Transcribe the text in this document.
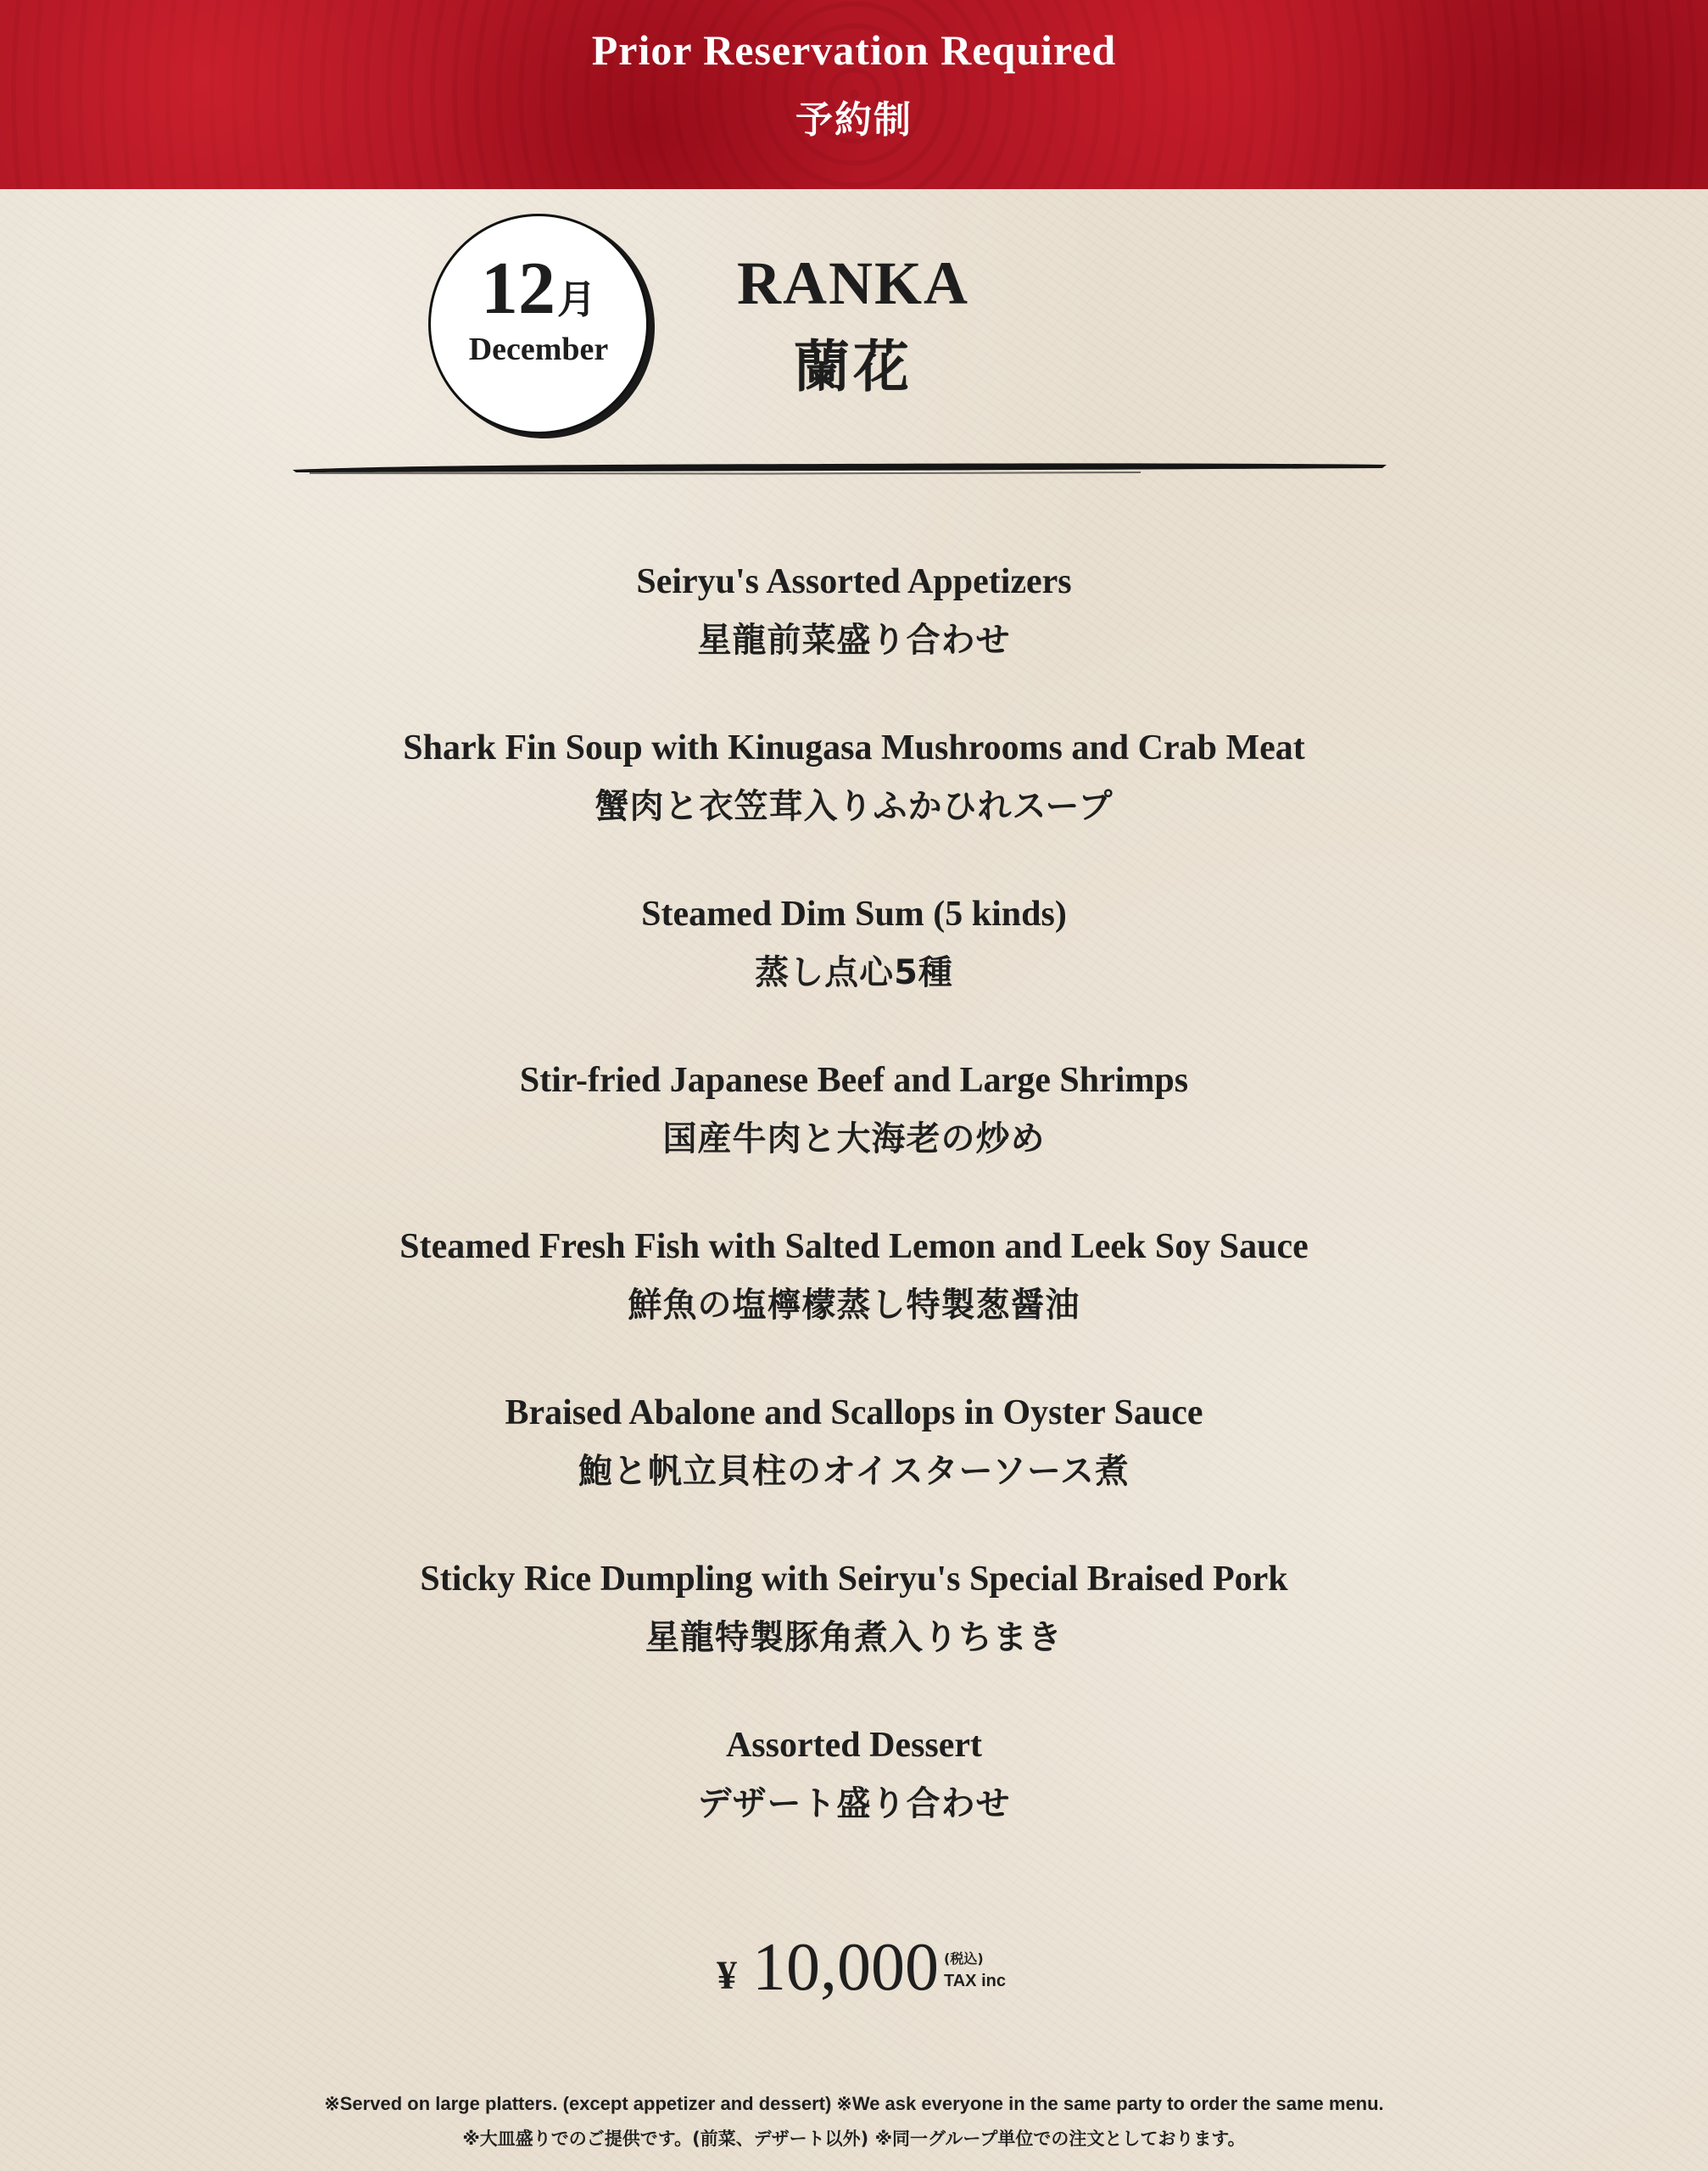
Prior Reservation Required
予約制
12月
December
RANKA
蘭花
Seiryu's Assorted Appetizers
星龍前菜盛り合わせ
Shark Fin Soup with Kinugasa Mushrooms and Crab Meat
蟹肉と衣笠茸入りふかひれスープ
Steamed Dim Sum (5 kinds)
蒸し点心5種
Stir-fried Japanese Beef and Large Shrimps
国産牛肉と大海老の炒め
Steamed Fresh Fish with Salted Lemon and Leek Soy Sauce
鮮魚の塩檸檬蒸し特製葱醤油
Braised Abalone and Scallops in Oyster Sauce
鮑と帆立貝柱のオイスターソース煮
Sticky Rice Dumpling with Seiryu's Special Braised Pork
星龍特製豚角煮入りちまき
Assorted Dessert
デザート盛り合わせ
¥ 10,000 (税込)
TAX inc
※Served on large platters. (except appetizer and dessert) ※We ask everyone in the same party to order the same menu.
※大皿盛りでのご提供です。(前菜、デザート以外) ※同一グループ単位での注文としております。
